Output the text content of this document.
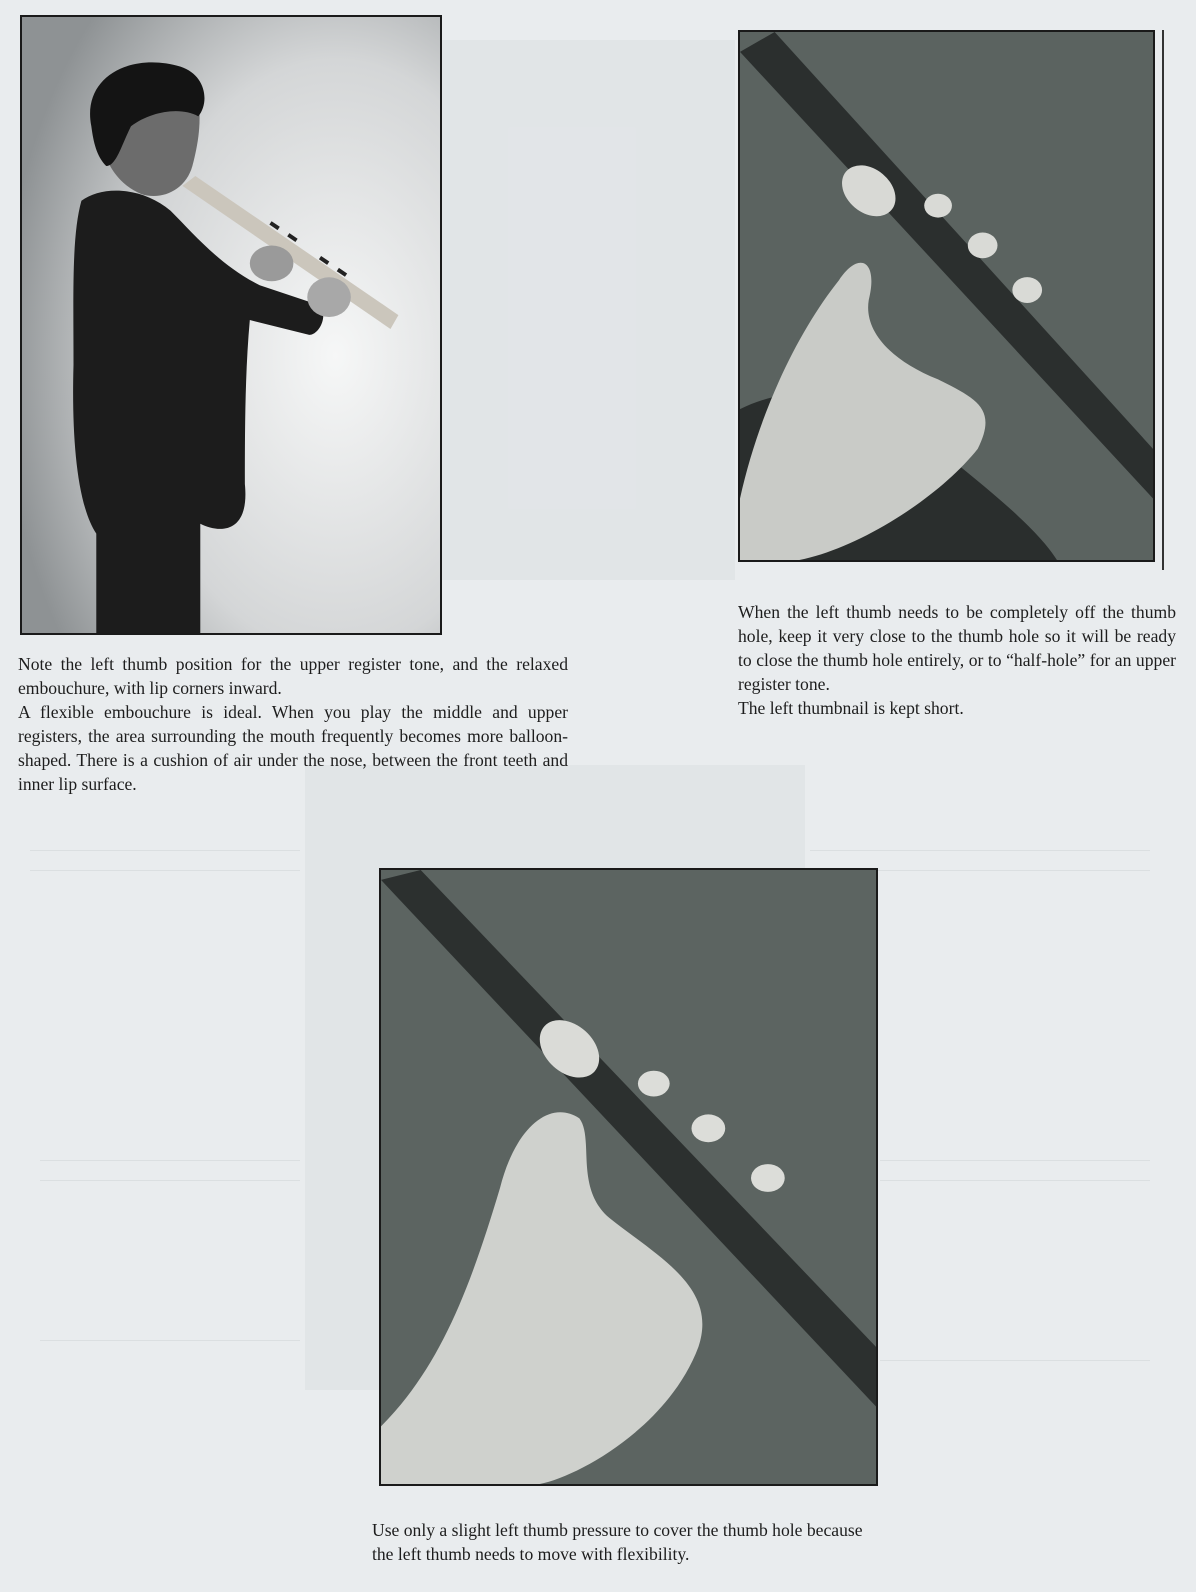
Note the left thumb position for the upper register tone, and the relaxed embouchure, with lip corners inward.

A flexible embouchure is ideal. When you play the middle and upper registers, the area surrounding the mouth frequently becomes more balloon-shaped. There is a cushion of air under the nose, between the front teeth and inner lip surface.

When the left thumb needs to be completely off the thumb hole, keep it very close to the thumb hole so it will be ready to close the thumb hole entirely, or to “half-hole” for an upper register tone.

The left thumbnail is kept short.

Use only a slight left thumb pressure to cover the thumb hole because the left thumb needs to move with flexibility.
